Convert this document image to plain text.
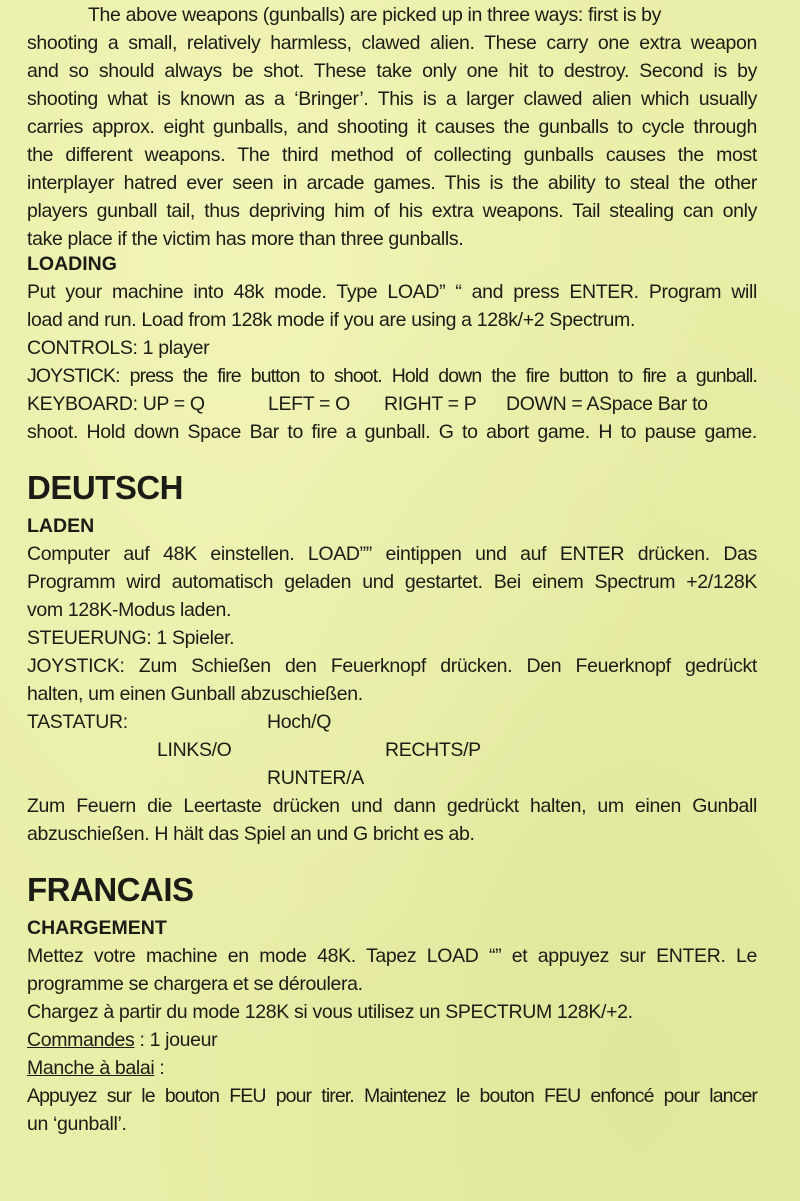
The above weapons (gunballs) are picked up in three ways: first is by
shooting a small, relatively harmless, clawed alien. These carry one extra weapon
and so should always be shot. These take only one hit to destroy. Second is by
shooting what is known as a ‘Bringer’. This is a larger clawed alien which usually
carries approx. eight gunballs, and shooting it causes the gunballs to cycle through
the different weapons. The third method of collecting gunballs causes the most
interplayer hatred ever seen in arcade games. This is the ability to steal the other
players gunball tail, thus depriving him of his extra weapons. Tail stealing can only
take place if the victim has more than three gunballs.
LOADING
Put your machine into 48k mode. Type LOAD” “ and press ENTER. Program will
load and run. Load from 128k mode if you are using a 128k/+2 Spectrum.
CONTROLS: 1 player
JOYSTICK: press the fire button to shoot. Hold down the fire button to fire a gunball.
KEYBOARD: UP = Q	LEFT = O RIGHT = P DOWN = ASpace Bar to
shoot. Hold down Space Bar to fire a gunball. G to abort game. H to pause game.
DEUTSCH
LADEN
Computer auf 48K einstellen. LOAD”” eintippen und auf ENTER drücken. Das
Programm wird automatisch geladen und gestartet. Bei einem Spectrum +2/128K
vom 128K-Modus laden.
STEUERUNG: 1 Spieler.
JOYSTICK: Zum Schießen den Feuerknopf drücken. Den Feuerknopf gedrückt
halten, um einen Gunball abzuschießen.
TASTATUR:	Hoch/Q
LINKS/O	RECHTS/P
RUNTER/A
Zum Feuern die Leertaste drücken und dann gedrückt halten, um einen Gunball
abzuschießen. H hält das Spiel an und G bricht es ab.
FRANCAIS
CHARGEMENT
Mettez votre machine en mode 48K. Tapez LOAD “” et appuyez sur ENTER. Le
programme se chargera et se déroulera.
Chargez à partir du mode 128K si vous utilisez un SPECTRUM 128K/+2.
Commandes : 1 joueur
Manche à balai :
Appuyez sur le bouton FEU pour tirer. Maintenez le bouton FEU enfoncé pour lancer
un ‘gunball’.
